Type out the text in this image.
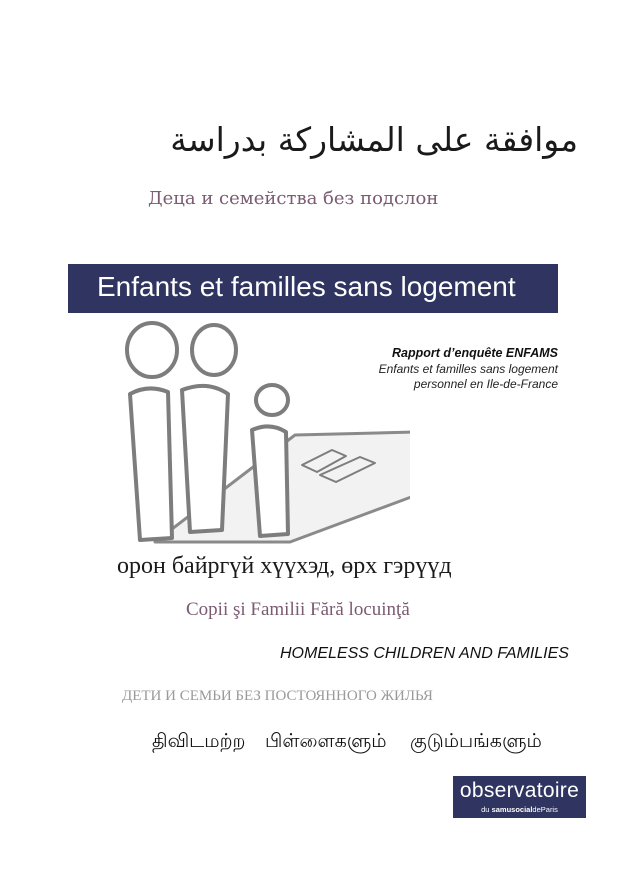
موافقة على المشاركة بدراسة
Деца и семейства без подслон
Enfants et familles sans logement
Rapport d’enquête ENFAMS
Enfants et familles sans logement
personnel en Ile-de-France
орон байргүй хүүхэд, өрх гэрүүд
Copii şi Familii Fără locuinţă
HOMELESS CHILDREN AND FAMILIES
ДЕТИ И СЕМЬИ БЕЗ ПОСТОЯННОГО ЖИЛЬЯ
திவிடமற்ற பிள்ளைகளும் குடும்பங்களும்
observatoire
du samusocialdeParis
